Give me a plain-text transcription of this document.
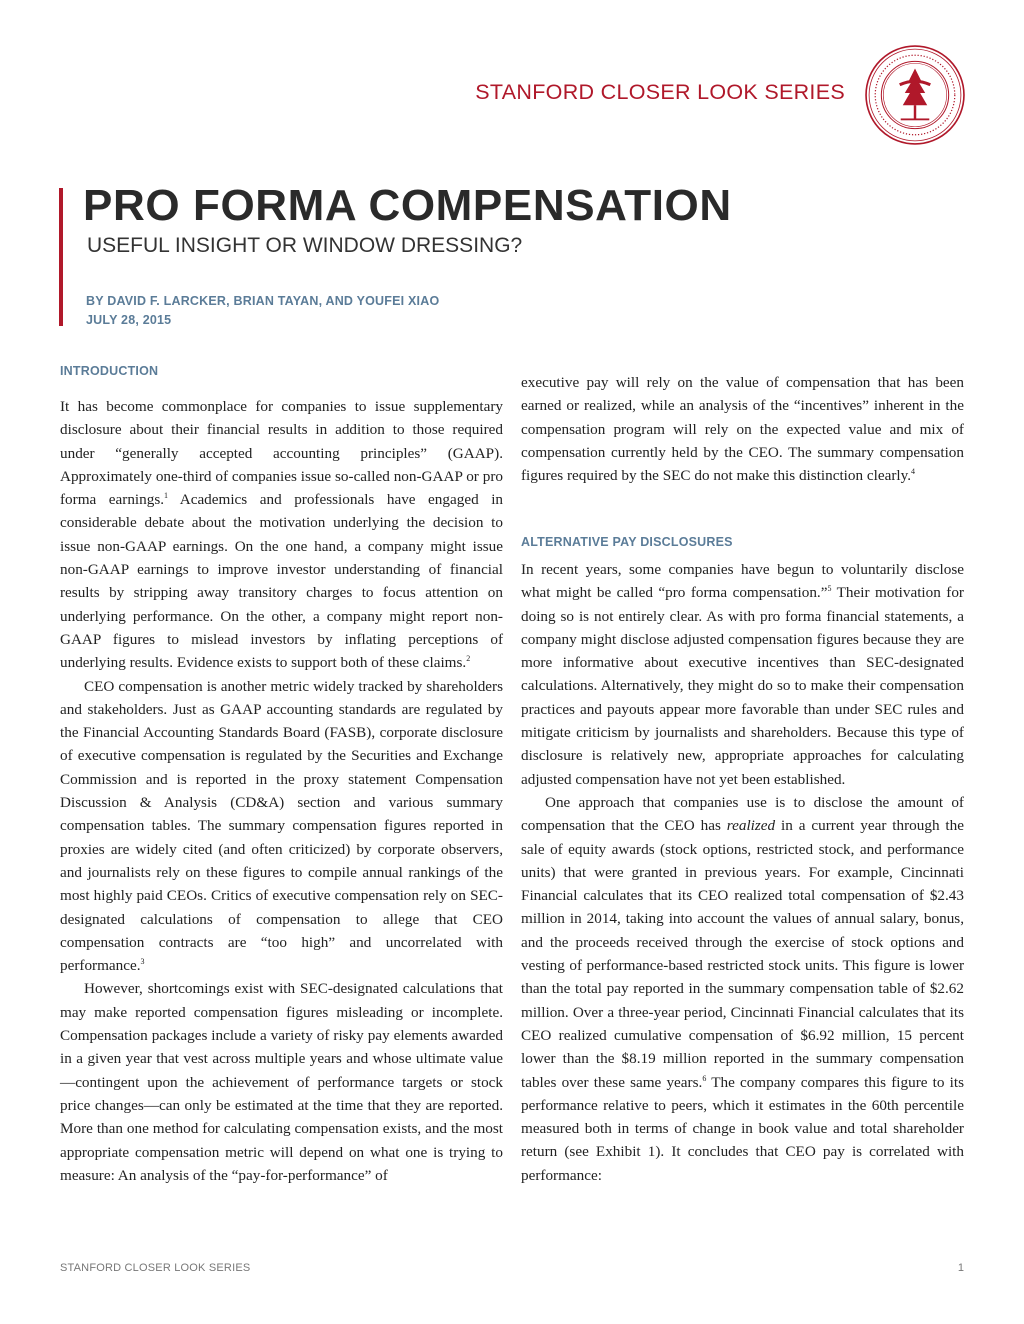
STANFORD CLOSER LOOK SERIES
PRO FORMA COMPENSATION
USEFUL INSIGHT OR WINDOW DRESSING?
BY DAVID F. LARCKER, BRIAN TAYAN, AND YOUFEI XIAO
JULY 28, 2015
INTRODUCTION

It has become commonplace for companies to issue supplementary disclosure about their financial results in addition to those required under “generally accepted accounting principles” (GAAP). Approximately one-third of companies issue so-called non-GAAP or pro forma earnings.$^1$ Academics and professionals have engaged in considerable debate about the motivation underlying the decision to issue non-GAAP earnings. On the one hand, a company might issue non-GAAP earnings to improve investor understanding of financial results by stripping away transitory charges to focus attention on underlying performance. On the other, a company might report non-GAAP figures to mislead investors by inflating perceptions of underlying results. Evidence exists to support both of these claims.$^2$

CEO compensation is another metric widely tracked by shareholders and stakeholders. Just as GAAP accounting standards are regulated by the Financial Accounting Standards Board (FASB), corporate disclosure of executive compensation is regulated by the Securities and Exchange Commission and is reported in the proxy statement Compensation Discussion & Analysis (CD&A) section and various summary compensation tables. The summary compensation figures reported in proxies are widely cited (and often criticized) by corporate observers, and journalists rely on these figures to compile annual rankings of the most highly paid CEOs. Critics of executive compensation rely on SEC-designated calculations of compensation to allege that CEO compensation contracts are “too high” and uncorrelated with performance.$^3$

However, shortcomings exist with SEC-designated calculations that may make reported compensation figures misleading or incomplete. Compensation packages include a variety of risky pay elements awarded in a given year that vest across multiple years and whose ultimate value—contingent upon the achievement of performance targets or stock price changes—can only be estimated at the time that they are reported. More than one method for calculating compensation exists, and the most appropriate compensation metric will depend on what one is trying to measure: An analysis of the “pay-for-performance” of

executive pay will rely on the value of compensation that has been earned or realized, while an analysis of the “incentives” inherent in the compensation program will rely on the expected value and mix of compensation currently held by the CEO. The summary compensation figures required by the SEC do not make this distinction clearly.$^4$

ALTERNATIVE PAY DISCLOSURES

In recent years, some companies have begun to voluntarily disclose what might be called “pro forma compensation.”$^5$ Their motivation for doing so is not entirely clear. As with pro forma financial statements, a company might disclose adjusted compensation figures because they are more informative about executive incentives than SEC-designated calculations. Alternatively, they might do so to make their compensation practices and payouts appear more favorable than under SEC rules and mitigate criticism by journalists and shareholders. Because this type of disclosure is relatively new, appropriate approaches for calculating adjusted compensation have not yet been established.

One approach that companies use is to disclose the amount of compensation that the CEO has realized in a current year through the sale of equity awards (stock options, restricted stock, and performance units) that were granted in previous years. For example, Cincinnati Financial calculates that its CEO realized total compensation of $2.43 million in 2014, taking into account the values of annual salary, bonus, and the proceeds received through the exercise of stock options and vesting of performance-based restricted stock units. This figure is lower than the total pay reported in the summary compensation table of $2.62 million. Over a three-year period, Cincinnati Financial calculates that its CEO realized cumulative compensation of $6.92 million, 15 percent lower than the $8.19 million reported in the summary compensation tables over these same years.$^6$ The company compares this figure to its performance relative to peers, which it estimates in the 60th percentile measured both in terms of change in book value and total shareholder return (see Exhibit 1). It concludes that CEO pay is correlated with performance:

STANFORD CLOSER LOOK SERIES	1
